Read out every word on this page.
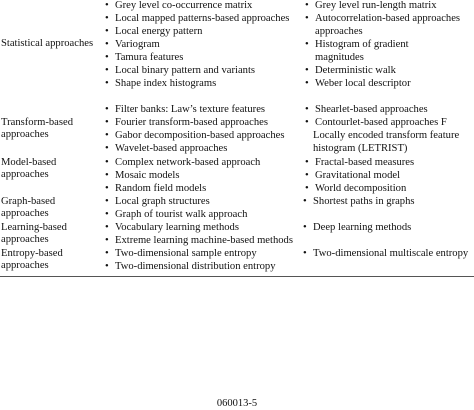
Statistical approaches
• Grey level co-occurrence matrix
• Local mapped patterns-based approaches
• Local energy pattern
• Variogram
• Tamura features
• Local binary pattern and variants
• Shape index histograms
• Grey level run-length matrix
• Autocorrelation-based approaches
approaches
• Histogram of gradient
magnitudes
• Deterministic walk
• Weber local descriptor
Transform-based
approaches
• Filter banks: Law’s texture features
• Fourier transform-based approaches
• Gabor decomposition-based approaches
• Wavelet-based approaches
• Shearlet-based approaches
• Contourlet-based approaches F
Locally encoded transform feature
histogram (LETRIST)
Model-based
approaches
• Complex network-based approach
• Mosaic models
• Random field models
• Fractal-based measures
• Gravitational model
• World decomposition
Graph-based
approaches
• Local graph structures
• Graph of tourist walk approach
• Shortest paths in graphs
Learning-based
approaches
• Vocabulary learning methods
• Extreme learning machine-based methods
• Deep learning methods
Entropy-based
approaches
• Two-dimensional sample entropy
• Two-dimensional distribution entropy
• Two-dimensional multiscale entropy
060013-5
